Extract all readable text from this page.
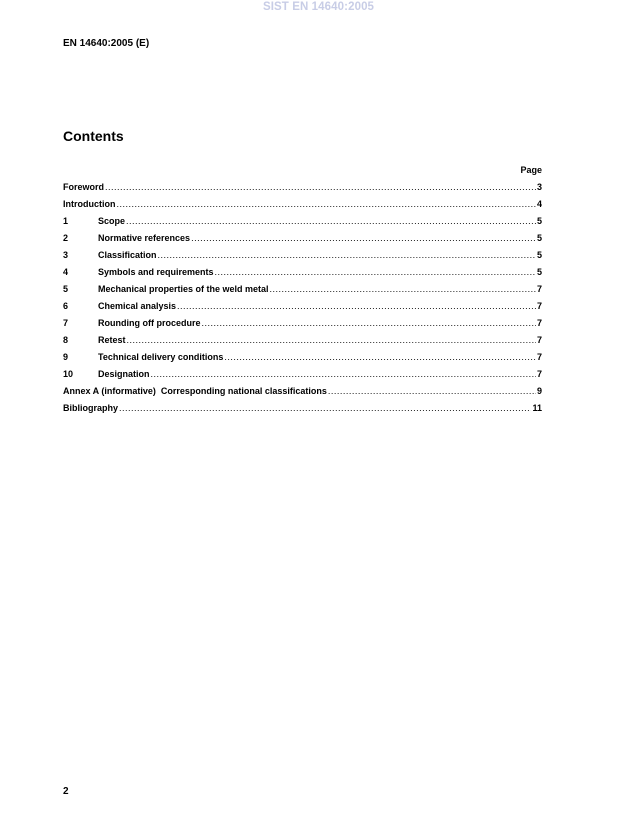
SIST EN 14640:2005
EN 14640:2005 (E)
Contents
Page
Foreword .....	3
Introduction .....	4
1	Scope .....	5
2	Normative references .....	5
3	Classification .....	5
4	Symbols and requirements .....	5
5	Mechanical properties of the weld metal .....	7
6	Chemical analysis .....	7
7	Rounding off procedure .....	7
8	Retest .....	7
9	Technical delivery conditions .....	7
10	Designation .....	7
Annex A (informative)  Corresponding national classifications .....	9
Bibliography .....	11
2
